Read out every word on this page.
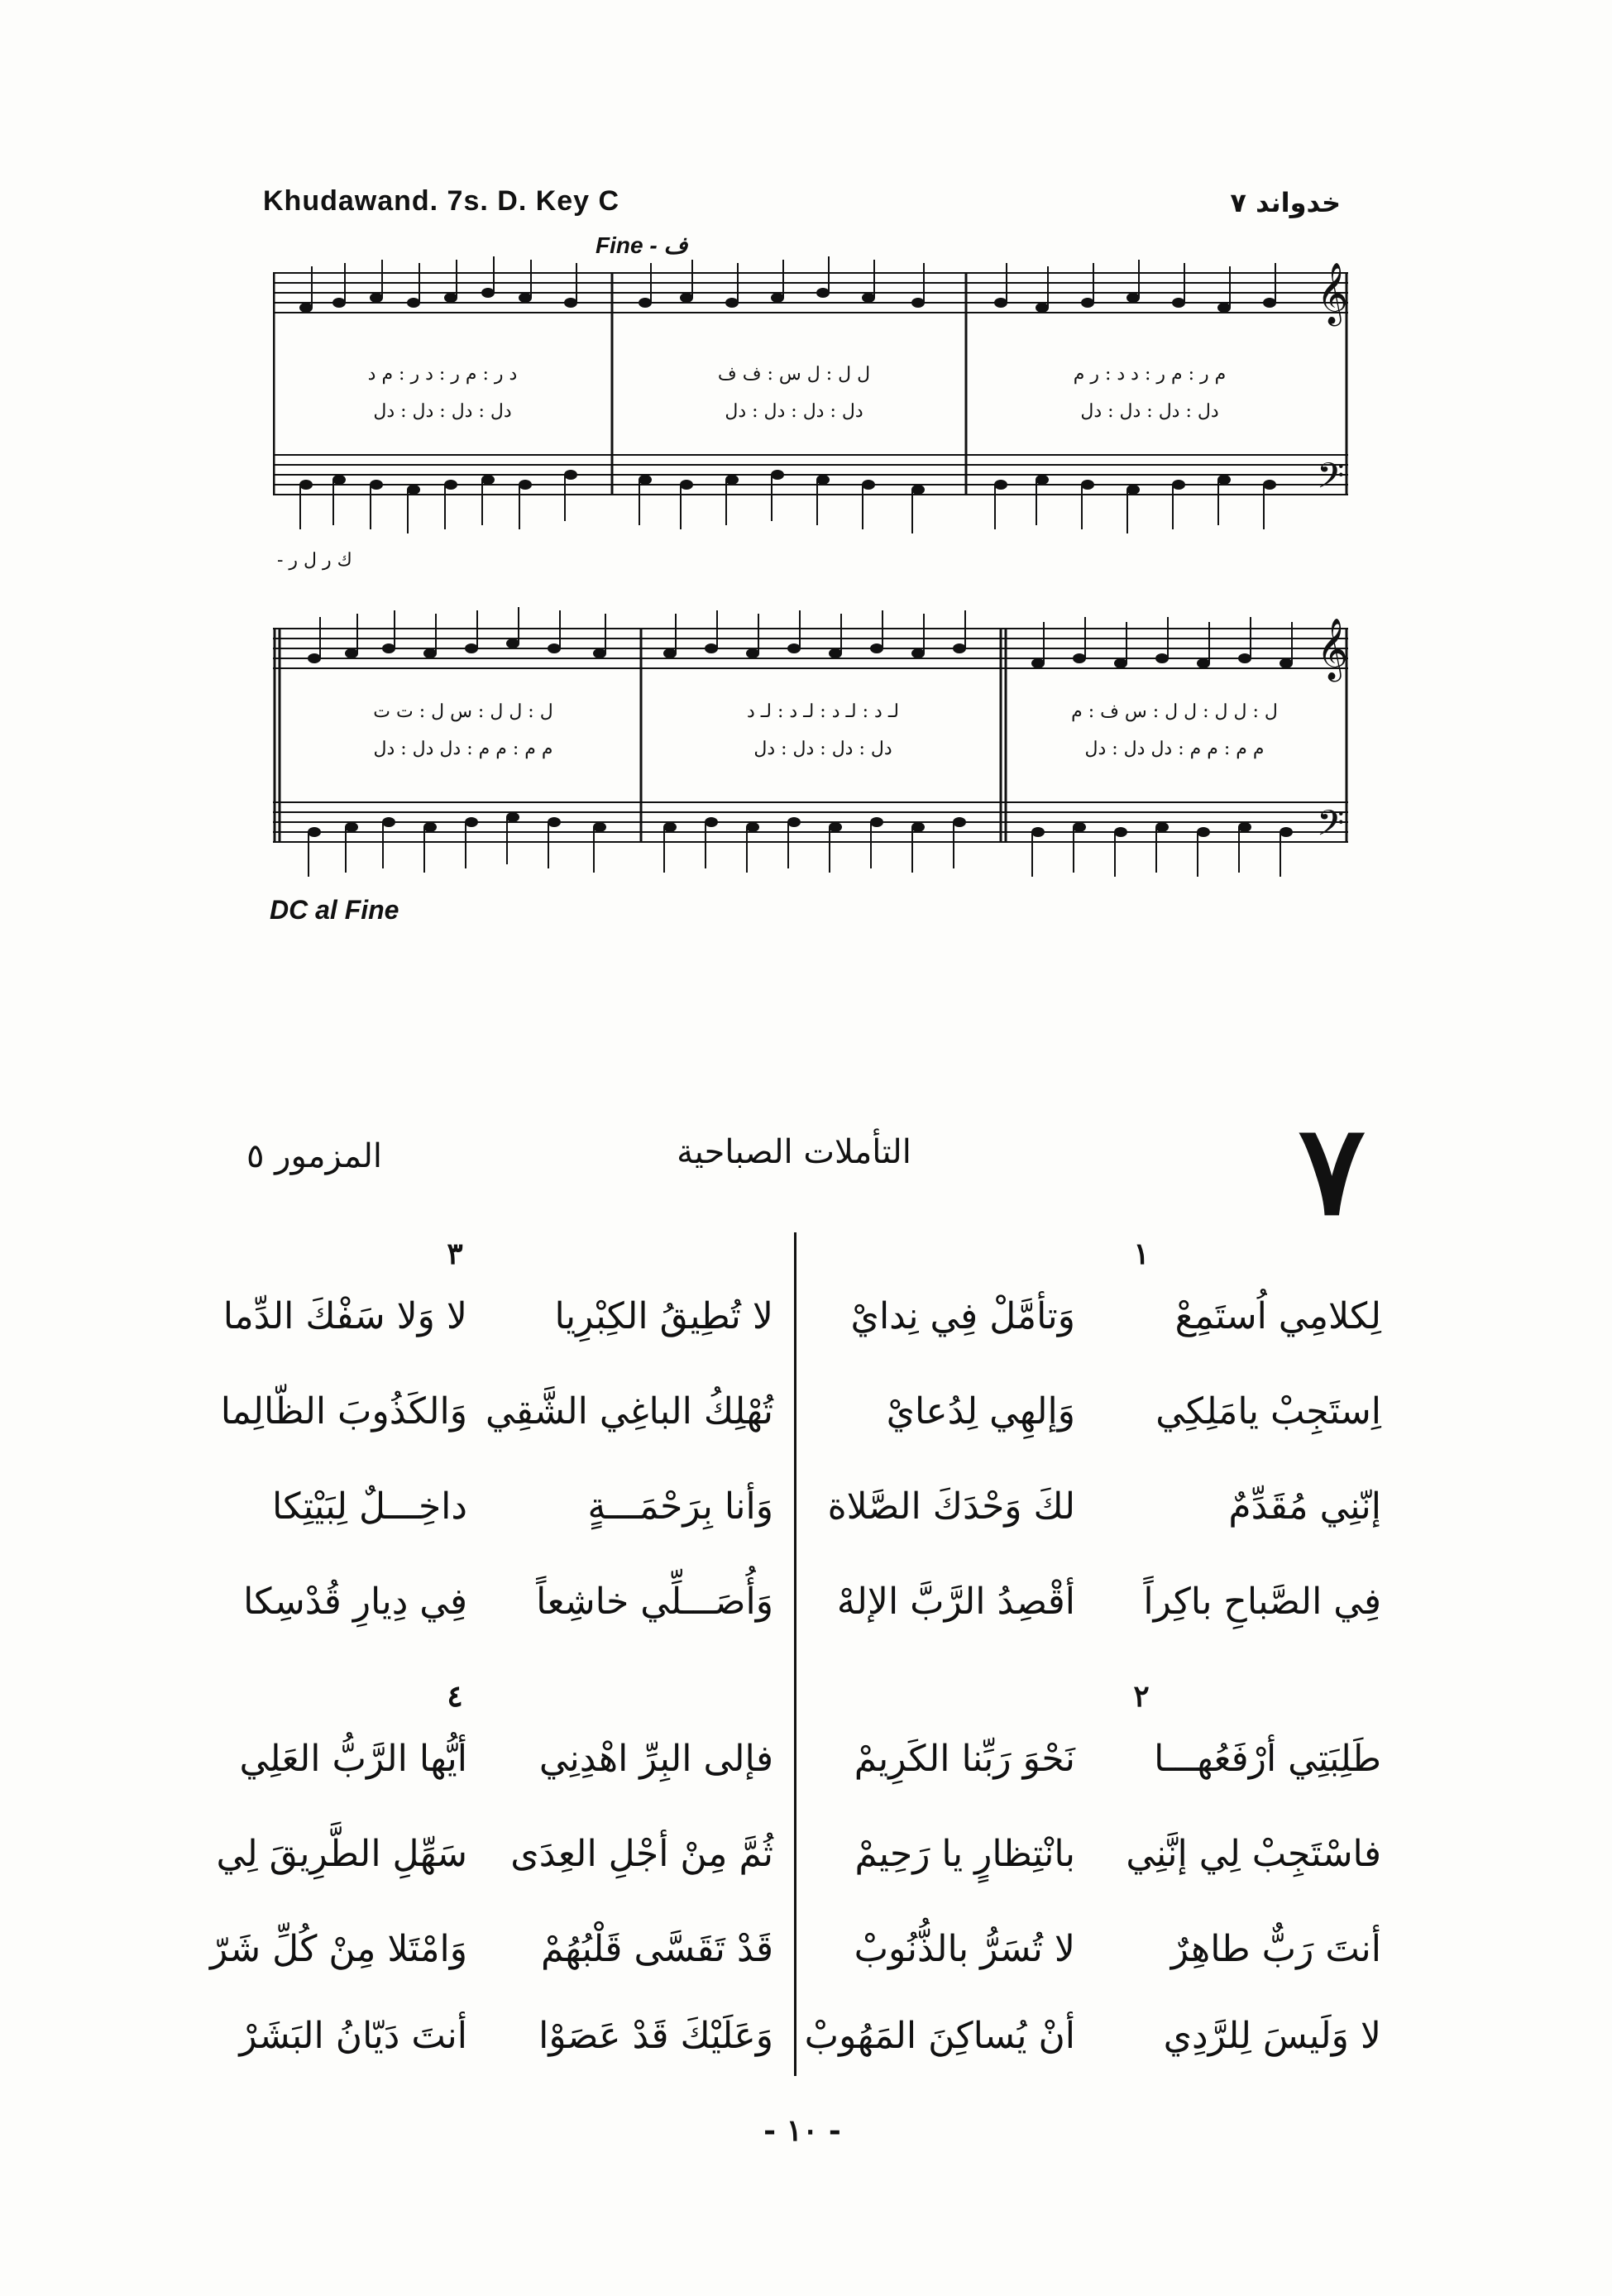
Khudawand. 7s. D. Key C	خدواند ٧
Fine - ف
𝄞
𝄢
د ر : م ر : د ر : م د
دل : دل : دل : دل
ل ل : ل س : ف ف
دل : دل : دل : دل
م ر : م ر : د د : ر م
دل : دل : دل : دل
ك ر ل ر -
𝄞
𝄢
ل : ل ل : س ل : ت ت
م م : م م : دل دل : دل
لـ د : لـ د : لـ د : لـ د
دل : دل : دل : دل
ل : ل ل : ل ل : س ف : م
م م : م م : دل دل : دل
DC al Fine
٧
التأملات الصباحية
المزمور ٥
١
٢
٣
٤
لِكلامِي اُستَمِعْ
وَتأمَّلْ فِي نِدايْ
اِستَجِبْ يامَلِكِي
وَإلهِي لِدُعايْ
إنّنِي مُقَدِّمٌ
لكَ وَحْدَكَ الصَّلاة
فِي الصَّباحِ باكِراً
أقْصِدُ الرَّبَّ الإلهْ
طَلِبَتِي أرْفَعُهـــا
نَحْوَ رَبِّنا الكَرِيمْ
فاسْتَجِبْ لِي إنَّنِي
بانْتِظارٍ يا رَحِيمْ
أنتَ رَبٌّ طاهِرٌ
لا تُسَرُّ بالذُّنُوبْ
لا وَلَيسَ لِلرَّدِي
أنْ يُساكِنَ المَهُوبْ
لا تُطِيقُ الكِبْرِيا
لا وَلا سَفْكَ الدِّما
تُهْلِكُ الباغِي الشَّقِي
وَالكَذُوبَ الظّالِما
وَأنا بِرَحْمَـــةٍ
داخِـــلٌ لِبَيْتِكا
وَأُصَـــلِّي خاشِعاً
فِي دِيارِ قُدْسِكا
فإلى البِرِّ اهْدِنِي
أيُّها الرَّبُّ العَلِي
ثُمَّ مِنْ أجْلِ العِدَى
سَهِّلِ الطَّرِيقَ لِي
قَدْ تَقَسَّى قَلْبُهُمْ
وَامْتَلا مِنْ كُلِّ شَرّ
وَعَلَيْكَ قَدْ عَصَوْا
أنتَ دَيّانُ البَشَرْ
- ١٠ -
